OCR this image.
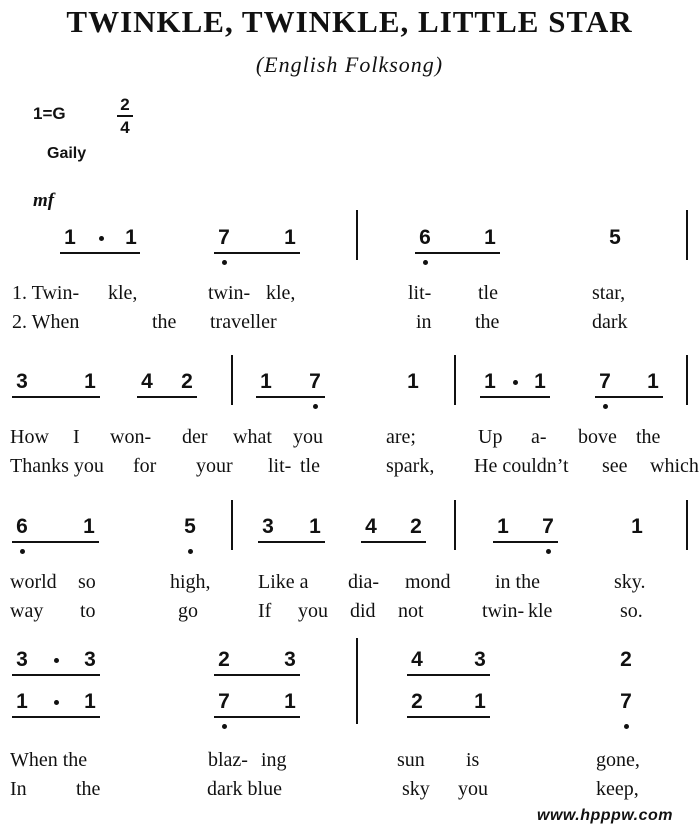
TWINKLE, TWINKLE, LITTLE STAR
(English Folksong)
1=G	2
4
Gaily
mf
1 1	7	1	6	1	5
1. Twin- kle,	twin- kle,	lit- tle	star,
2. When	the traveller	in the	dark
3	1 4 2	1 7	1	1 1	7 1
How I won- der what you	are;	Up a- bove the
Thanks you for your lit- tle	spark, He couldn’t see which
6	1	5	3 1 4 2	1 7	1
world so	high, Like a dia- mond in the	sky.
way to	go	If you did not	twin- kle	so.
3	3	2	3	4 3	2
1	1	7	1	2 1	7
When the	blaz- ing	sun is	gone,
In the	dark blue	sky you	keep,
www.hpppw.com
